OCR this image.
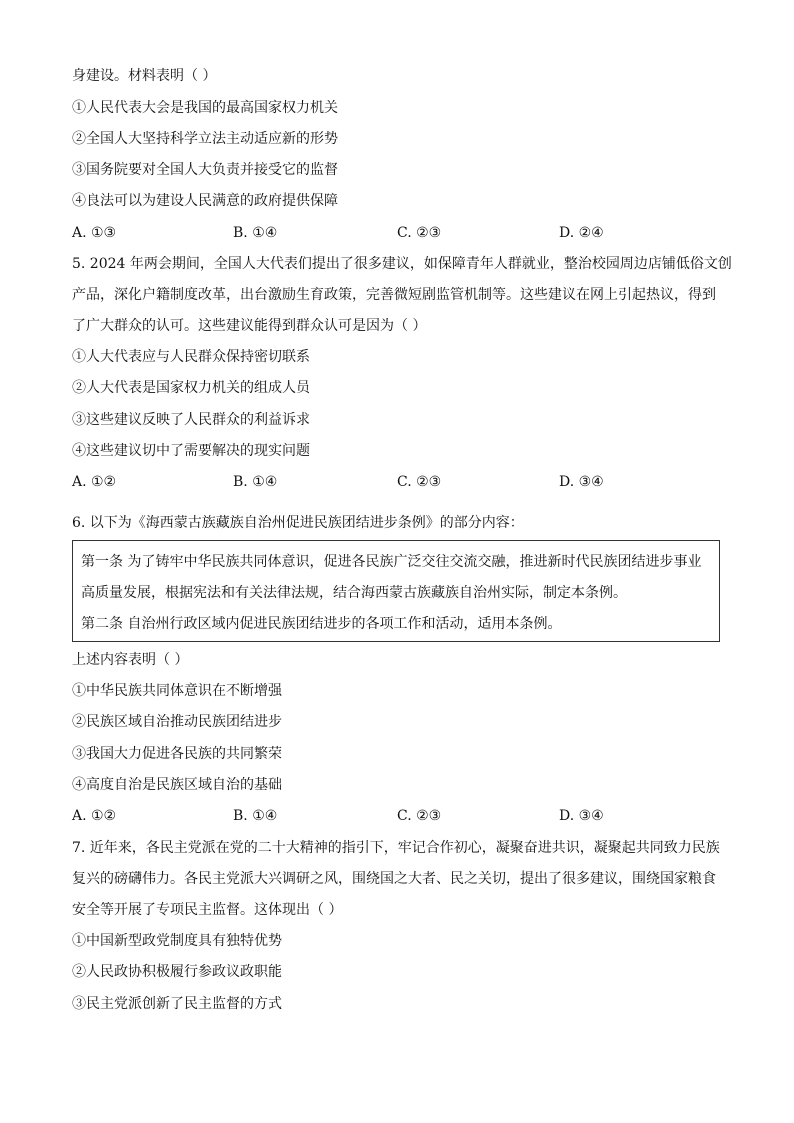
身建设。材料表明（ ）
①人民代表大会是我国的最高国家权力机关
②全国人大坚持科学立法主动适应新的形势
③国务院要对全国人大负责并接受它的监督
④良法可以为建设人民满意的政府提供保障
A. ①③	B. ①④	C. ②③	D. ②④
5. 2024 年两会期间，全国人大代表们提出了很多建议，如保障青年人群就业，整治校园周边店铺低俗文创
产品，深化户籍制度改革，出台激励生育政策，完善微短剧监管机制等。这些建议在网上引起热议，得到
了广大群众的认可。这些建议能得到群众认可是因为（ ）
①人大代表应与人民群众保持密切联系
②人大代表是国家权力机关的组成人员
③这些建议反映了人民群众的利益诉求
④这些建议切中了需要解决的现实问题
A. ①②	B. ①④	C. ②③	D. ③④
6. 以下为《海西蒙古族藏族自治州促进民族团结进步条例》的部分内容：
第一条 为了铸牢中华民族共同体意识，促进各民族广泛交往交流交融，推进新时代民族团结进步事业
高质量发展，根据宪法和有关法律法规，结合海西蒙古族藏族自治州实际，制定本条例。
第二条 自治州行政区域内促进民族团结进步的各项工作和活动，适用本条例。
上述内容表明（ ）
①中华民族共同体意识在不断增强
②民族区域自治推动民族团结进步
③我国大力促进各民族的共同繁荣
④高度自治是民族区域自治的基础
A. ①②	B. ①④	C. ②③	D. ③④
7. 近年来，各民主党派在党的二十大精神的指引下，牢记合作初心，凝聚奋进共识，凝聚起共同致力民族
复兴的磅礴伟力。各民主党派大兴调研之风，围绕国之大者、民之关切，提出了很多建议，围绕国家粮食
安全等开展了专项民主监督。这体现出（ ）
①中国新型政党制度具有独特优势
②人民政协积极履行参政议政职能
③民主党派创新了民主监督的方式
